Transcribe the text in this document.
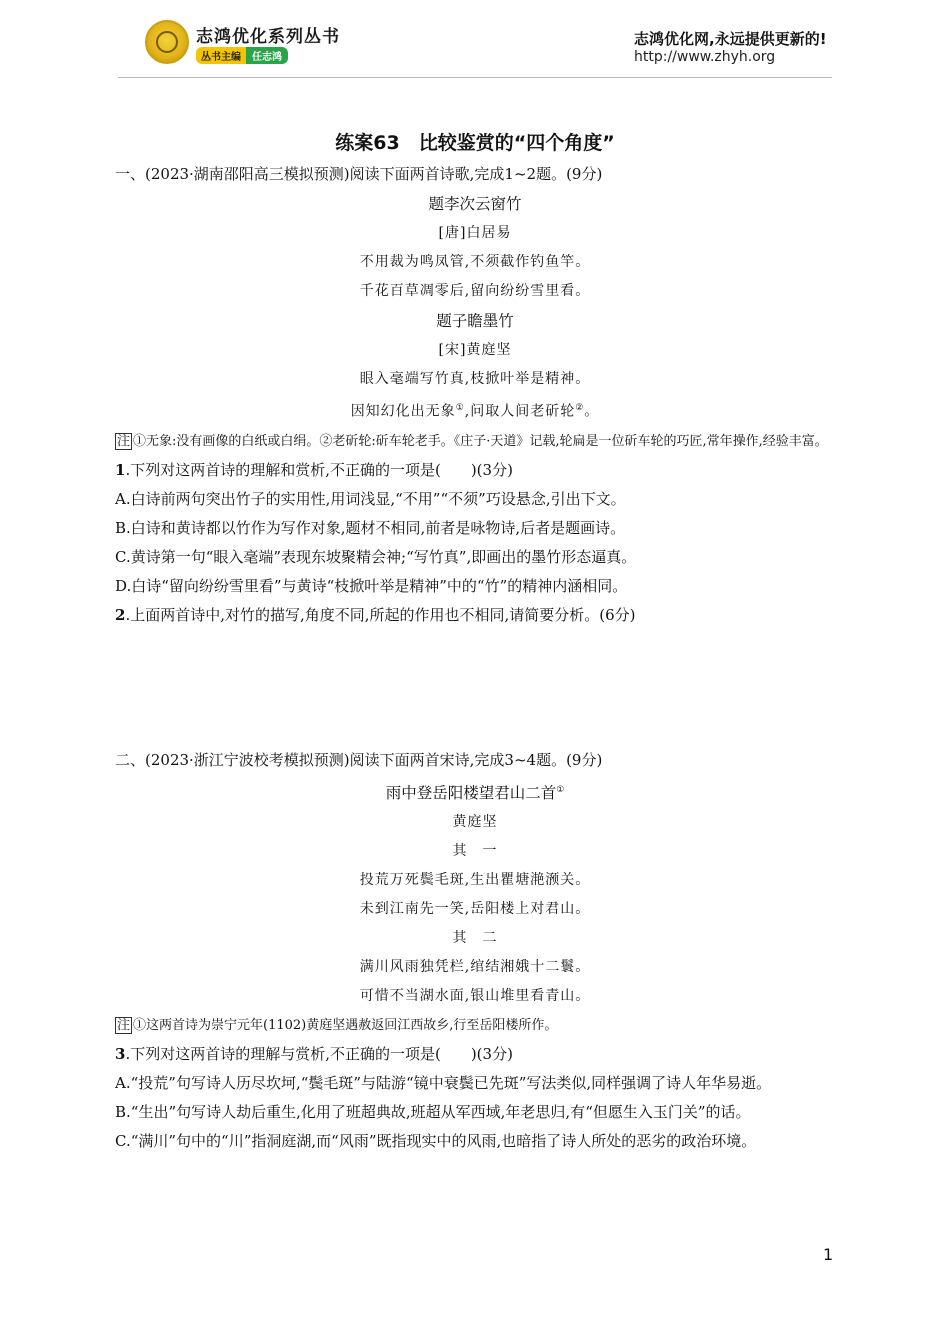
志鸿优化系列丛书
丛书主编 任志鸿
志鸿优化网,永远提供更新的!
http://www.zhyh.org
练案63　比较鉴赏的“四个角度”
一、(2023·湖南邵阳高三模拟预测)阅读下面两首诗歌,完成1~2题。(9分)
题李次云窗竹
[唐]白居易
不用裁为鸣凤管,不须截作钓鱼竿。
千花百草凋零后,留向纷纷雪里看。
题子瞻墨竹
[宋]黄庭坚
眼入毫端写竹真,枝掀叶举是精神。
因知幻化出无象①,问取人间老斫轮②。
注 ①无象:没有画像的白纸或白绢。②老斫轮:斫车轮老手。《庄子·天道》记载,轮扁是一位斫车轮的巧匠,常年操作,经验丰富。
1.下列对这两首诗的理解和赏析,不正确的一项是(　　)(3分)
A.白诗前两句突出竹子的实用性,用词浅显,“不用”“不须”巧设悬念,引出下文。
B.白诗和黄诗都以竹作为写作对象,题材不相同,前者是咏物诗,后者是题画诗。
C.黄诗第一句“眼入毫端”表现东坡聚精会神;“写竹真”,即画出的墨竹形态逼真。
D.白诗“留向纷纷雪里看”与黄诗“枝掀叶举是精神”中的“竹”的精神内涵相同。
2.上面两首诗中,对竹的描写,角度不同,所起的作用也不相同,请简要分析。(6分)
二、(2023·浙江宁波校考模拟预测)阅读下面两首宋诗,完成3~4题。(9分)
雨中登岳阳楼望君山二首①
黄庭坚
其　一
投荒万死鬓毛斑,生出瞿塘滟滪关。
未到江南先一笑,岳阳楼上对君山。
其　二
满川风雨独凭栏,绾结湘娥十二鬟。
可惜不当湖水面,银山堆里看青山。
注 ①这两首诗为崇宁元年(1102)黄庭坚遇赦返回江西故乡,行至岳阳楼所作。
3.下列对这两首诗的理解与赏析,不正确的一项是(　　)(3分)
A.“投荒”句写诗人历尽坎坷,“鬓毛斑”与陆游“镜中衰鬓已先斑”写法类似,同样强调了诗人年华易逝。
B.“生出”句写诗人劫后重生,化用了班超典故,班超从军西域,年老思归,有“但愿生入玉门关”的话。
C.“满川”句中的“川”指洞庭湖,而“风雨”既指现实中的风雨,也暗指了诗人所处的恶劣的政治环境。
1
